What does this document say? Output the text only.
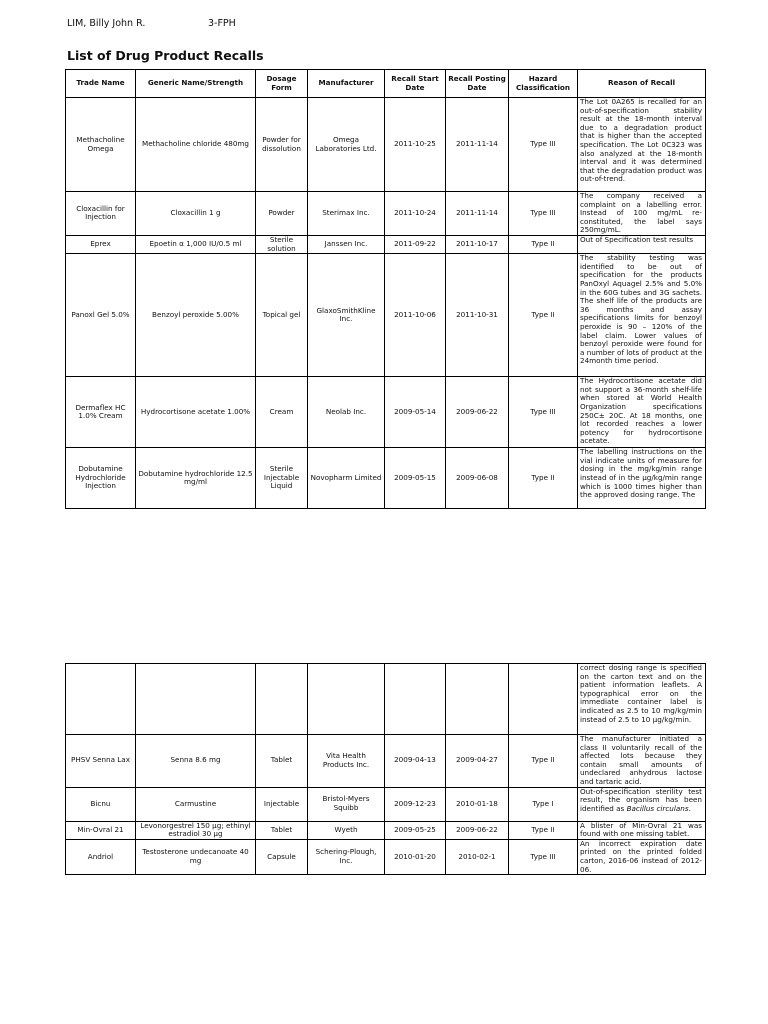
LIM, Billy John R.	3-FPH
List of Drug Product Recalls
Trade Name	Generic Name/Strength	Dosage Form	Manufacturer	Recall Start Date	Recall Posting Date	Hazard Classification	Reason of Recall
Methacholine Omega	Methacholine chloride 480mg	Powder for dissolution	Omega Laboratories Ltd.	2011-10-25	2011-11-14	Type III	The Lot 0A265 is recalled for an out-of-specification stability result at the 18-month interval due to a degradation product that is higher than the accepted specification. The Lot 0C323 was also analyzed at the 18-month interval and it was determined that the degradation product was out-of-trend.
Cloxacillin for Injection	Cloxacillin 1 g	Powder	Sterimax Inc.	2011-10-24	2011-11-14	Type III	The company received a complaint on a labelling error. Instead of 100 mg/mL re-constituted, the label says 250mg/mL.
Eprex	Epoetin α 1,000 IU/0.5 ml	Sterile solution	Janssen Inc.	2011-09-22	2011-10-17	Type II	Out of Specification test results
Panoxl Gel 5.0%	Benzoyl peroxide 5.00%	Topical gel	GlaxoSmithKline Inc.	2011-10-06	2011-10-31	Type II	The stability testing was identified to be out of specification for the products PanOxyl Aquagel 2.5% and 5.0% in the 60G tubes and 3G sachets. The shelf life of the products are 36 months and assay specifications limits for benzoyl peroxide is 90 – 120% of the label claim. Lower values of benzoyl peroxide were found for a number of lots of product at the 24month time period.
Dermaflex HC 1.0% Cream	Hydrocortisone acetate 1.00%	Cream	Neolab Inc.	2009-05-14	2009-06-22	Type III	The Hydrocortisone acetate did not support a 36-month shelf-life when stored at World Health Organization specifications 250C± 20C. At 18 months, one lot recorded reaches a lower potency for hydrocortisone acetate.
Dobutamine Hydrochloride Injection	Dobutamine hydrochloride 12.5 mg/ml	Sterile Injectable Liquid	Novopharm Limited	2009-05-15	2009-06-08	Type II	The labelling instructions on the vial indicate units of measure for dosing in the mg/kg/min range instead of in the µg/kg/min range which is 1000 times higher than the approved dosing range. The
							correct dosing range is specified on the carton text and on the patient information leaflets. A typographical error on the immediate container label is indicated as 2.5 to 10 mg/kg/min instead of 2.5 to 10 µg/kg/min.
PHSV Senna Lax	Senna 8.6 mg	Tablet	Vita Health Products Inc.	2009-04-13	2009-04-27	Type II	The manufacturer initiated a class II voluntarily recall of the affected lots because they contain small amounts of undeclared anhydrous lactose and tartaric acid.
Bicnu	Carmustine	Injectable	Bristol-Myers Squibb	2009-12-23	2010-01-18	Type I	Out-of-specification sterility test result, the organism has been identified as Bacillus circulans.
Min-Ovral 21	Levonorgestrel 150 µg; ethinyl estradiol 30 µg	Tablet	Wyeth	2009-05-25	2009-06-22	Type II	A blister of Min-Ovral 21 was found with one missing tablet.
Andriol	Testosterone undecanoate 40 mg	Capsule	Schering-Plough, Inc.	2010-01-20	2010-02-1	Type III	An incorrect expiration date printed on the printed folded carton, 2016-06 instead of 2012-06.
